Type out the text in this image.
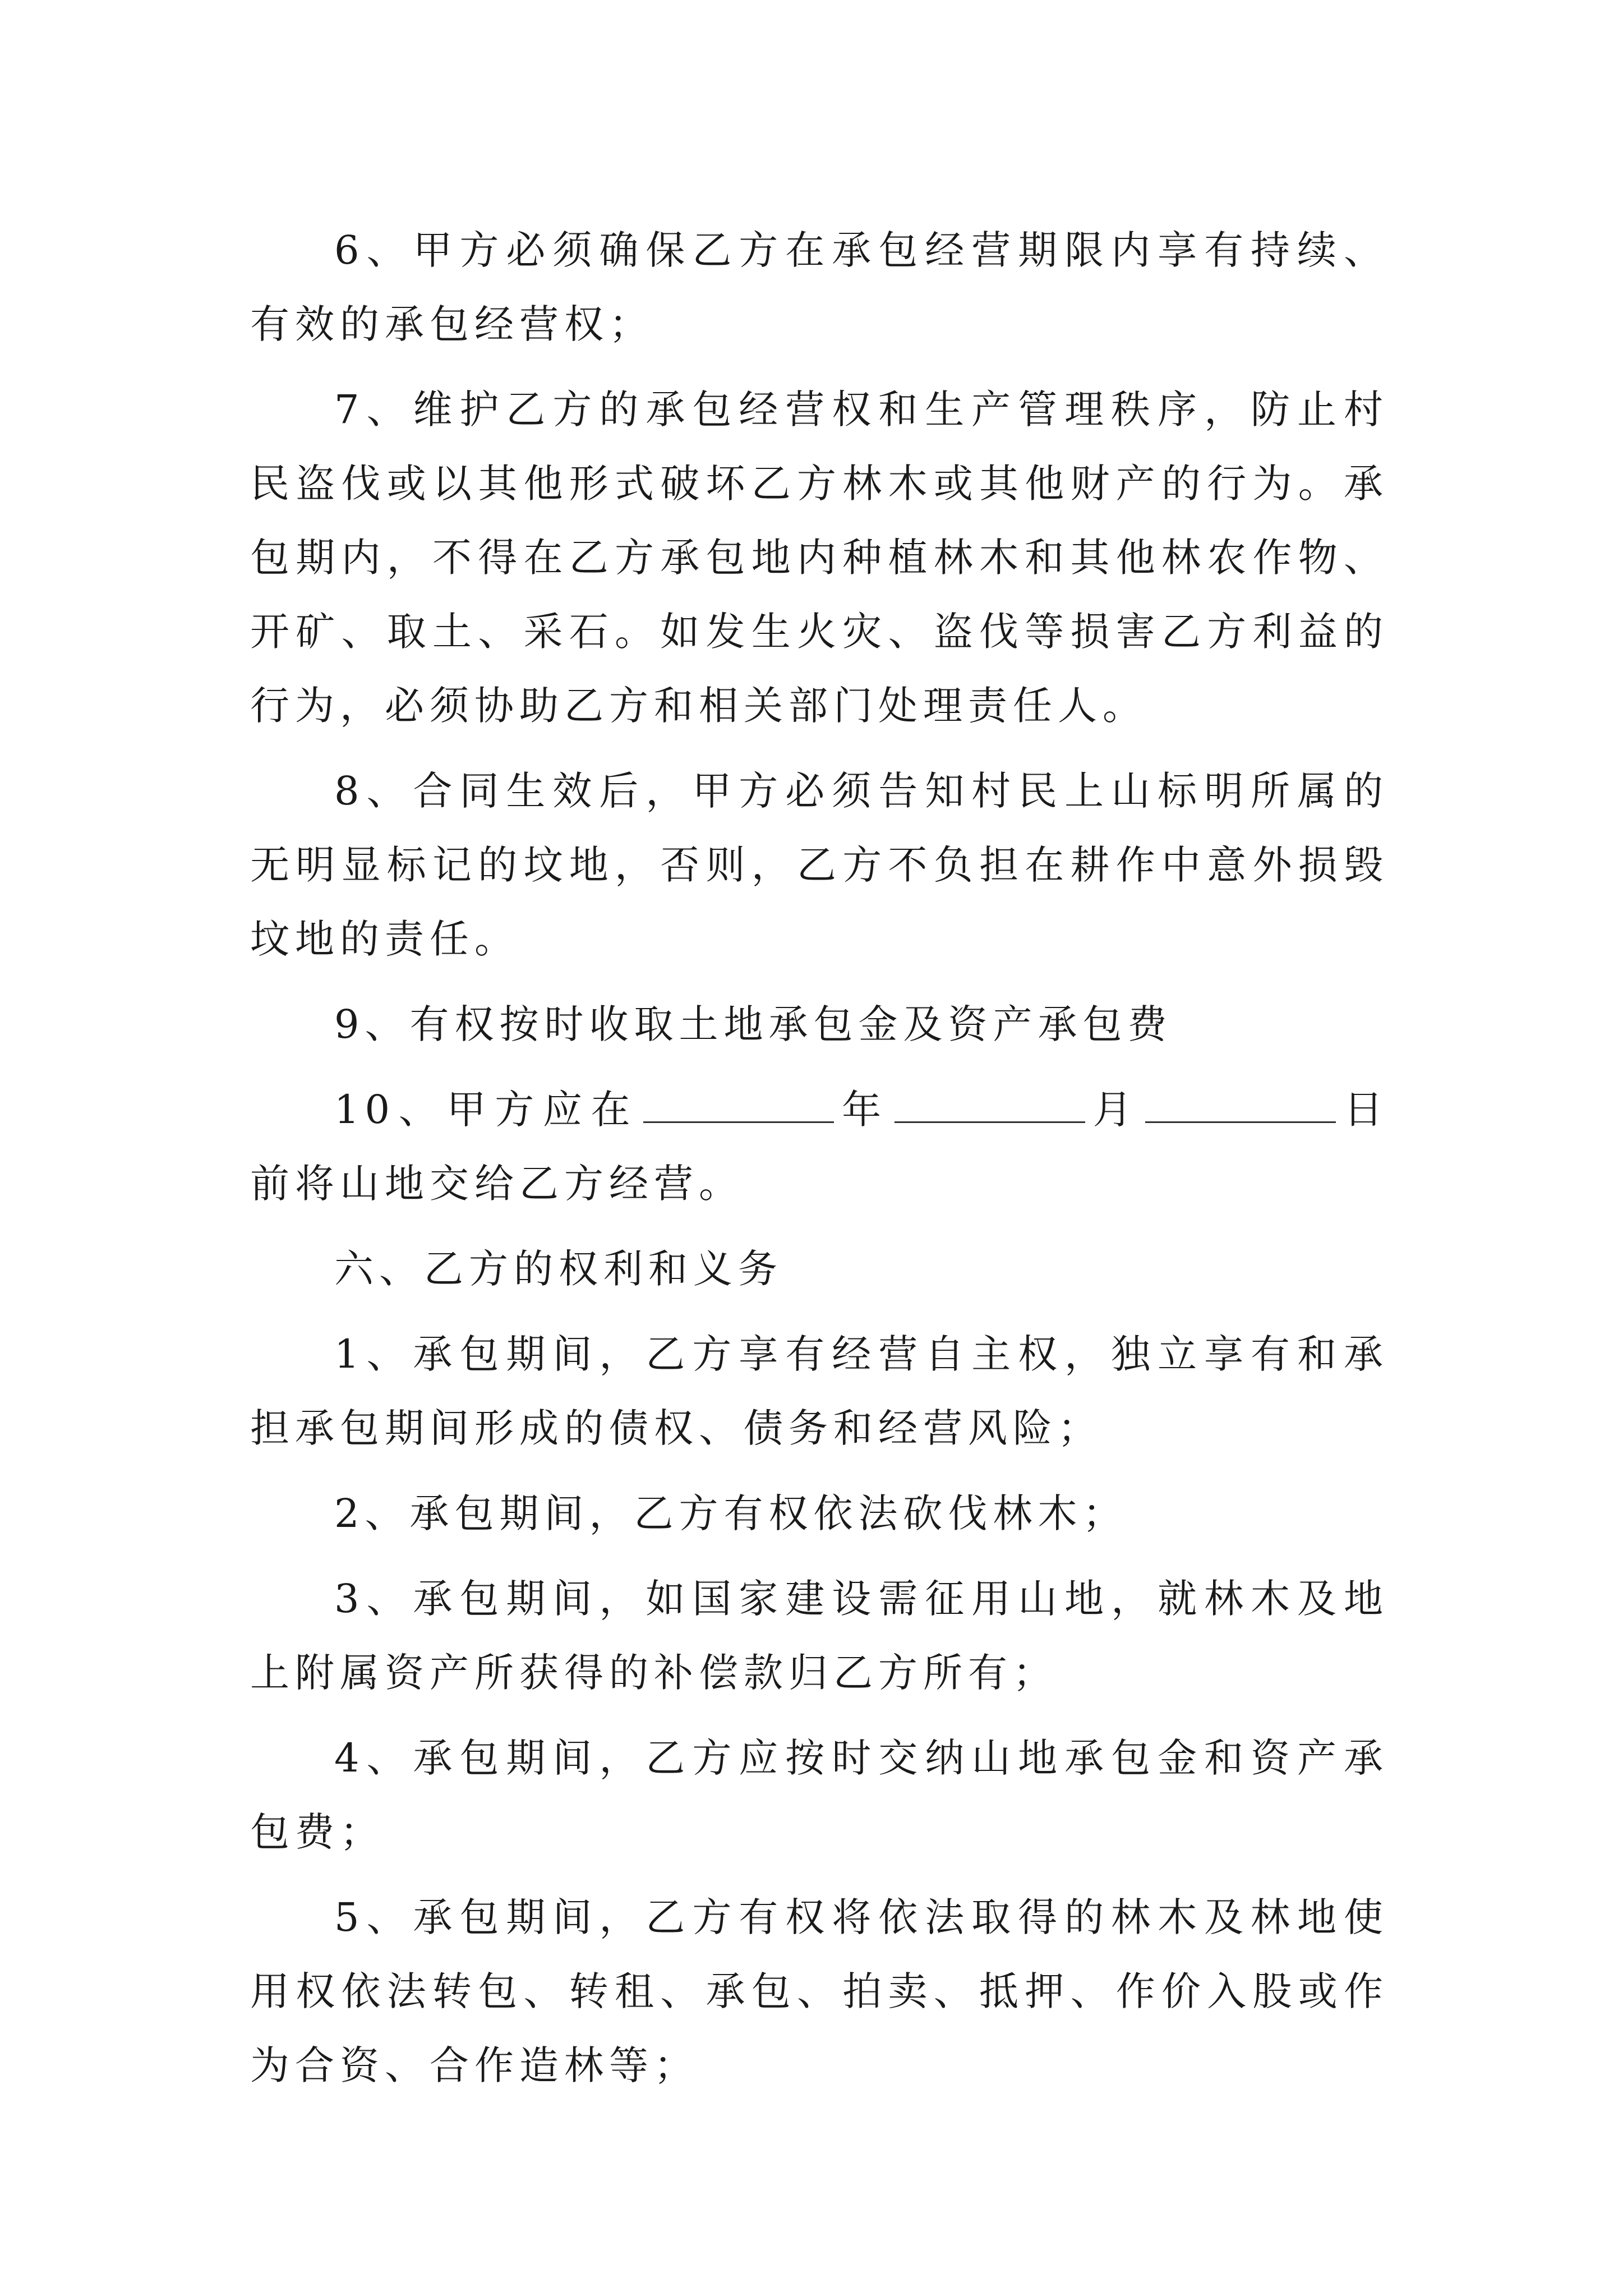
6、甲方必须确保乙方在承包经营期限内享有持续、有效的承包经营权；

7、维护乙方的承包经营权和生产管理秩序，防止村民盗伐或以其他形式破坏乙方林木或其他财产的行为。承包期内，不得在乙方承包地内种植林木和其他林农作物、开矿、取土、采石。如发生火灾、盗伐等损害乙方利益的行为，必须协助乙方和相关部门处理责任人。

8、合同生效后，甲方必须告知村民上山标明所属的无明显标记的坟地，否则，乙方不负担在耕作中意外损毁坟地的责任。

9、有权按时收取土地承包金及资产承包费

10、甲方应在	年	月	日前将山地交给乙方经营。

六、乙方的权利和义务

1、承包期间，乙方享有经营自主权，独立享有和承担承包期间形成的债权、债务和经营风险；

2、承包期间，乙方有权依法砍伐林木；

3、承包期间，如国家建设需征用山地，就林木及地上附属资产所获得的补偿款归乙方所有；

4、承包期间，乙方应按时交纳山地承包金和资产承包费；

5、承包期间，乙方有权将依法取得的林木及林地使用权依法转包、转租、承包、拍卖、抵押、作价入股或作为合资、合作造林等；
